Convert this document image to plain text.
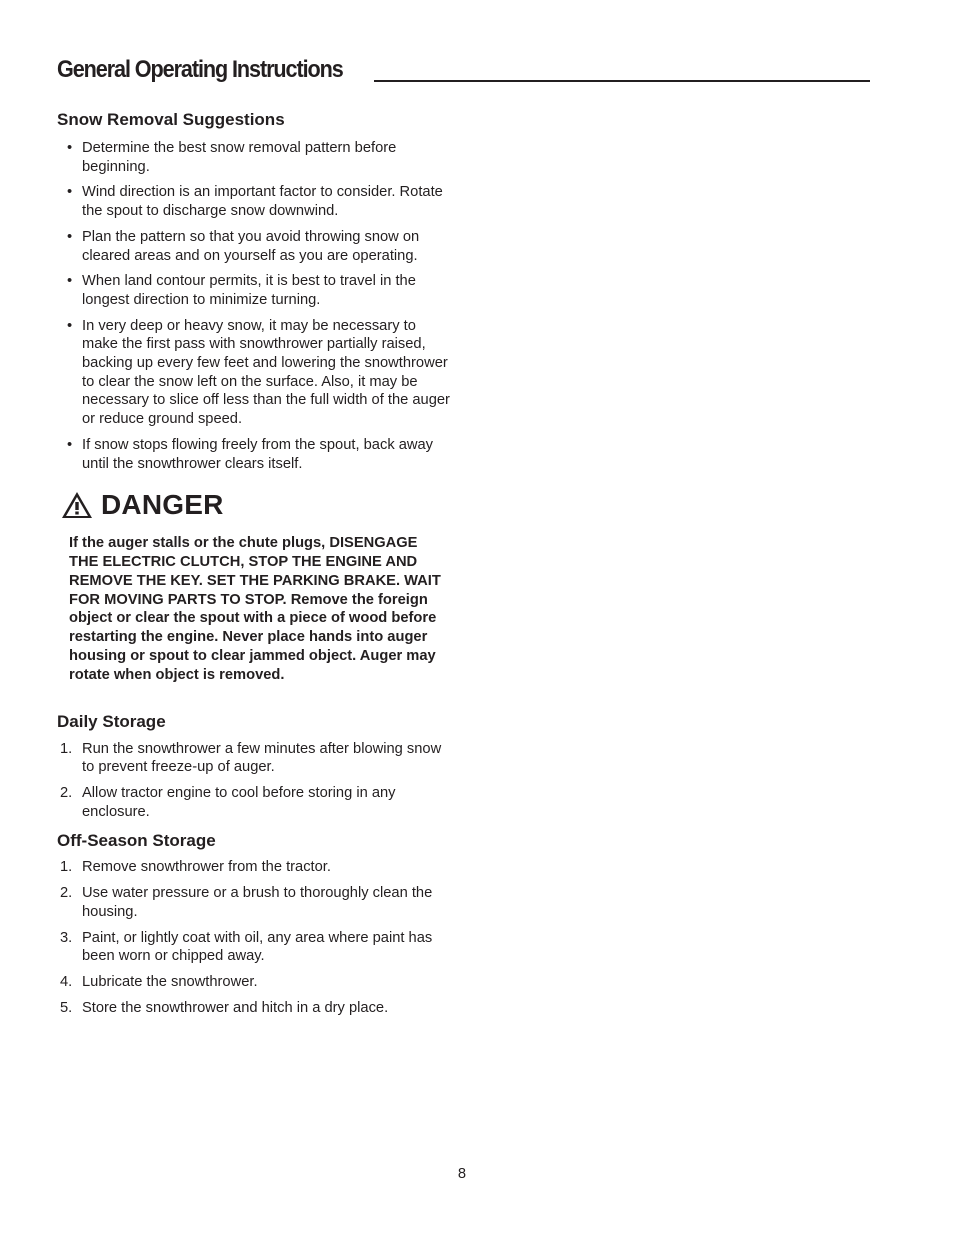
General Operating Instructions
Snow Removal Suggestions
• Determine the best snow removal pattern before beginning.
• Wind direction is an important factor to consider. Rotate the spout to discharge snow downwind.
• Plan the pattern so that you avoid throwing snow on cleared areas and on yourself as you are operating.
• When land contour permits, it is best to travel in the longest direction to minimize turning.
• In very deep or heavy snow, it may be necessary to make the first pass with snowthrower partially raised, backing up every few feet and lowering the snowthrower to clear the snow left on the surface. Also, it may be necessary to slice off less than the full width of the auger or reduce ground speed.
• If snow stops flowing freely from the spout, back away until the snowthrower clears itself.
DANGER

If the auger stalls or the chute plugs, DISENGAGE THE ELECTRIC CLUTCH, STOP THE ENGINE AND REMOVE THE KEY. SET THE PARKING BRAKE. WAIT FOR MOVING PARTS TO STOP. Remove the foreign object or clear the spout with a piece of wood before restarting the engine. Never place hands into auger housing or spout to clear jammed object. Auger may rotate when object is removed.

Daily Storage
1. Run the snowthrower a few minutes after blowing snow to prevent freeze-up of auger.
2. Allow tractor engine to cool before storing in any enclosure.
Off-Season Storage
1. Remove snowthrower from the tractor.
2. Use water pressure or a brush to thoroughly clean the housing.
3. Paint, or lightly coat with oil, any area where paint has been worn or chipped away.
4. Lubricate the snowthrower.
5. Store the snowthrower and hitch in a dry place.
8
